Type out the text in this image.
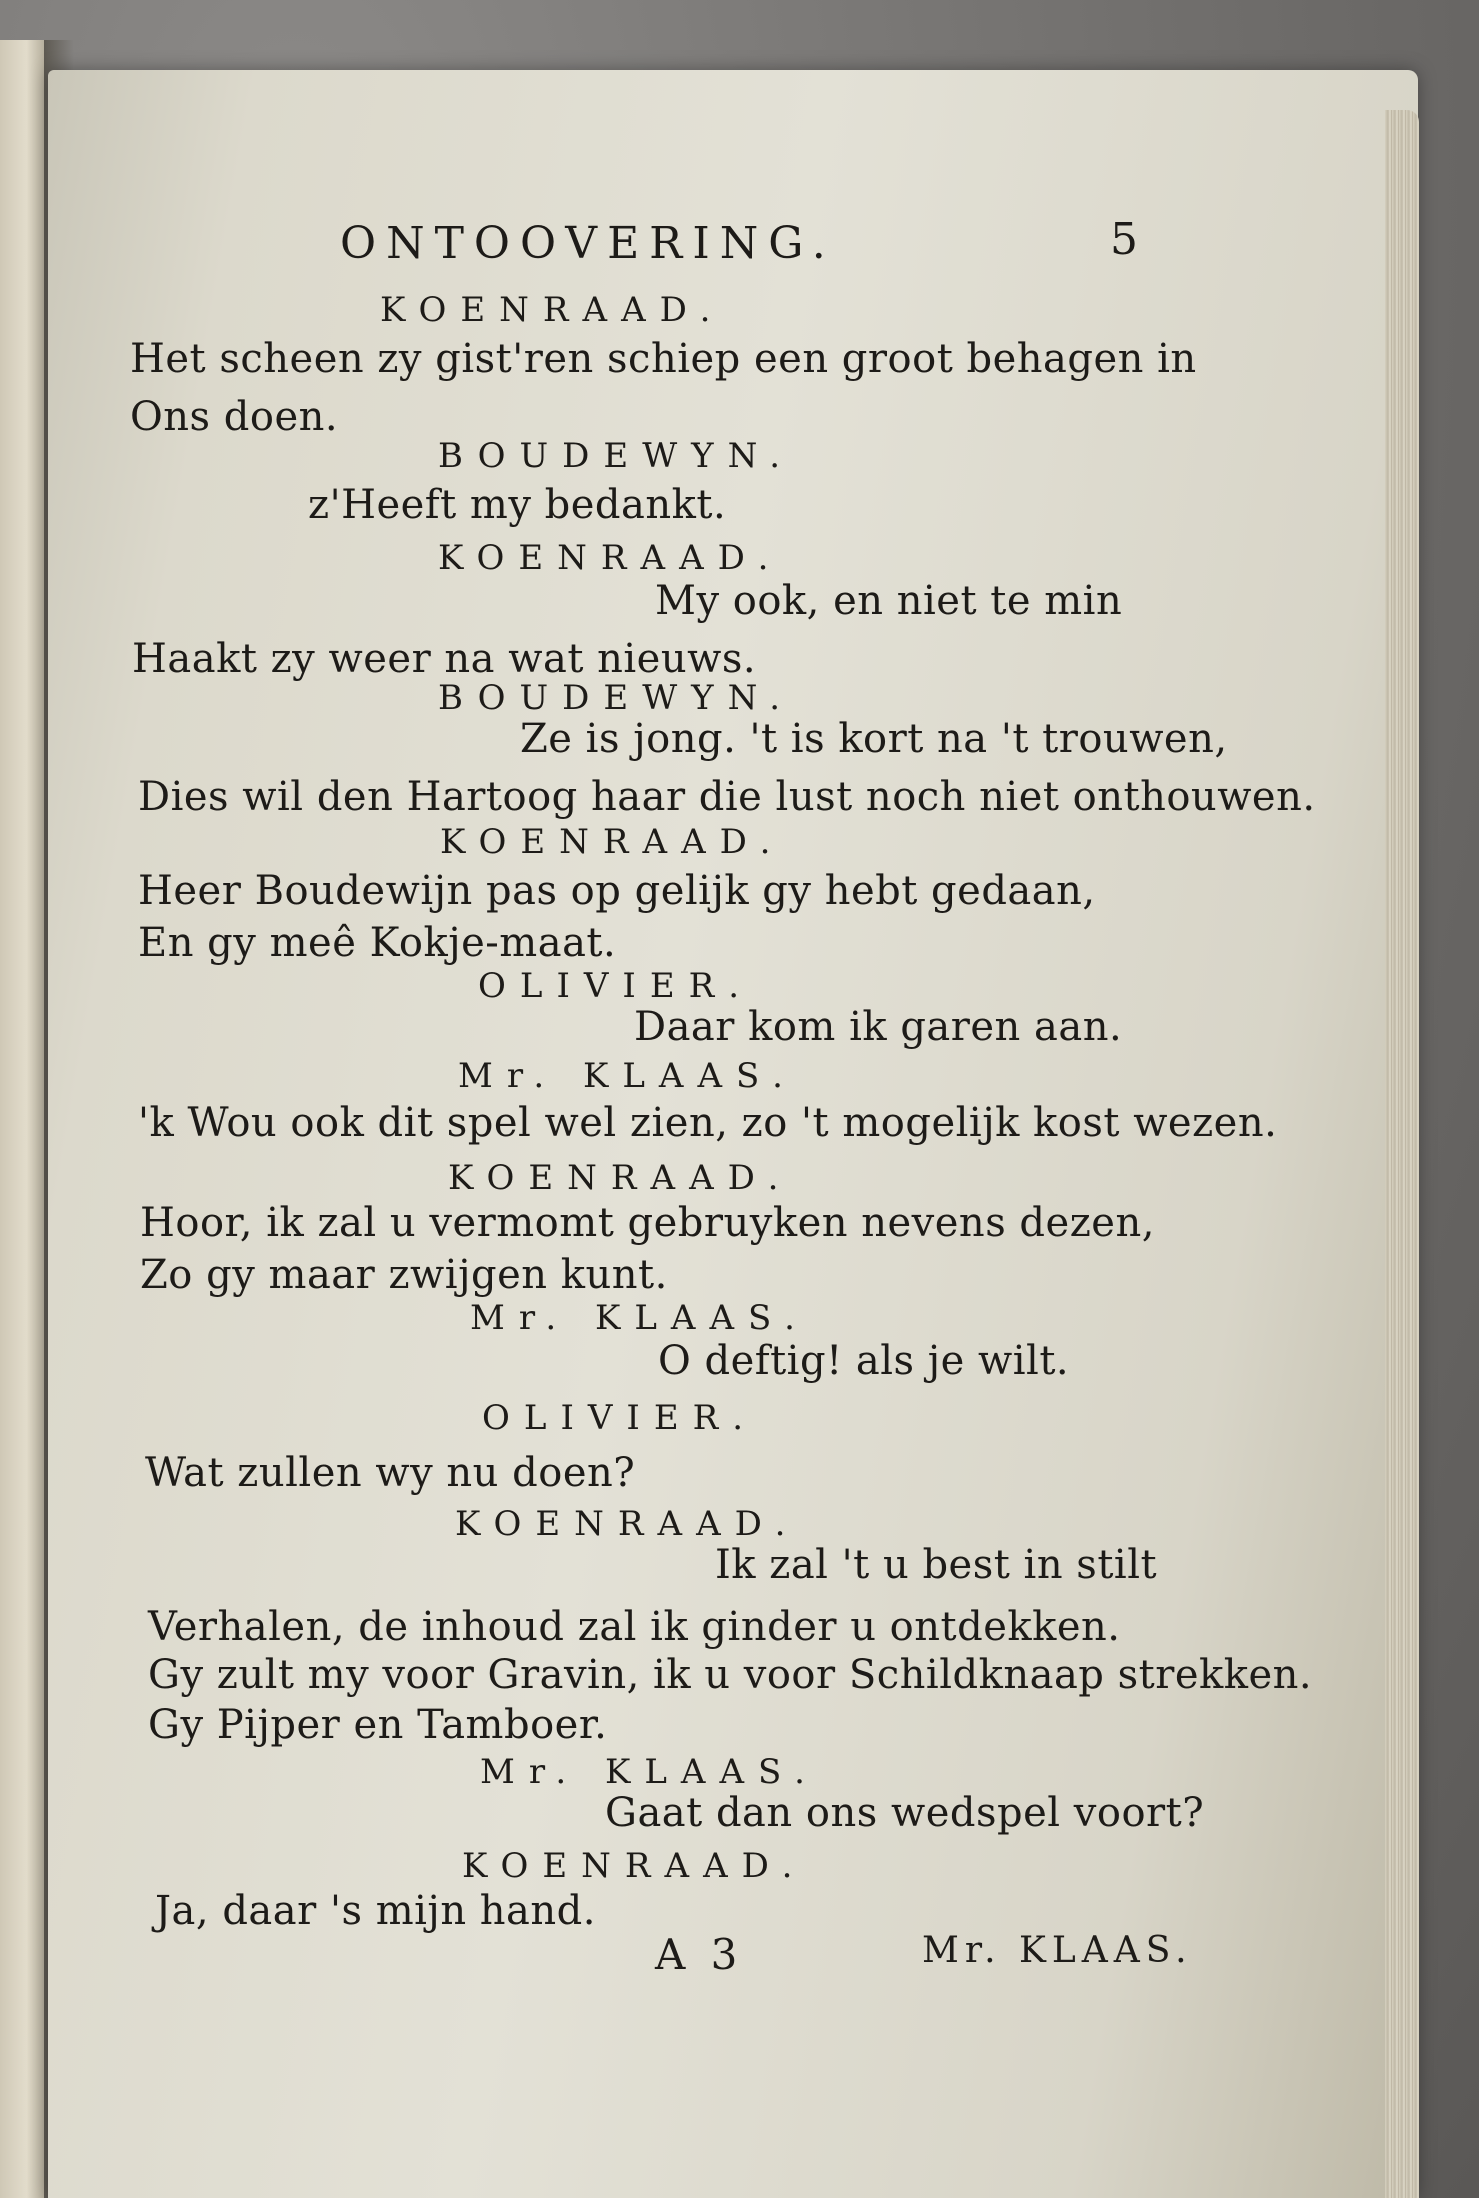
ONTOOVERING.	5
KOENRAAD.
Het scheen zy gist'ren schiep een groot behagen in
Ons doen.
BOUDEWYN.
z'Heeft my bedankt.
KOENRAAD.
My ook, en niet te min
Haakt zy weer na wat nieuws.
BOUDEWYN.
Ze is jong. 't is kort na 't trouwen,
Dies wil den Hartoog haar die lust noch niet onthouwen.
KOENRAAD.
Heer Boudewijn pas op gelijk gy hebt gedaan,
En gy meê Kokje-maat.
OLIVIER.
Daar kom ik garen aan.
Mr. KLAAS.
'k Wou ook dit spel wel zien, zo 't mogelijk kost wezen.
KOENRAAD.
Hoor, ik zal u vermomt gebruyken nevens dezen,
Zo gy maar zwijgen kunt.
Mr. KLAAS.
O deftig! als je wilt.
OLIVIER.
Wat zullen wy nu doen?
KOENRAAD.
Ik zal 't u best in stilt
Verhalen, de inhoud zal ik ginder u ontdekken.
Gy zult my voor Gravin, ik u voor Schildknaap strekken.
Gy Pijper en Tamboer.
Mr. KLAAS.
Gaat dan ons wedspel voort?
KOENRAAD.
Ja, daar 's mijn hand.
A 3	Mr. KLAAS.
